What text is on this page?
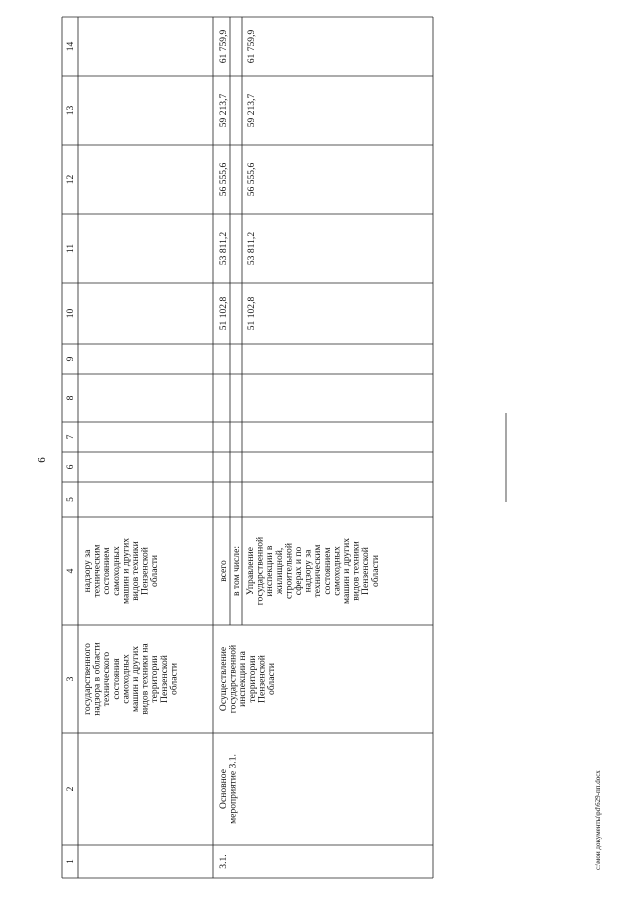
6
c:\мои документы\pd\629-пп.docx
1
2
3
4
5
6
7
8
9
10
11
12
13
14
государственного
надзора в области
технического
состояния
самоходных
машин и других
видов техники на
территории
Пензенской
области
надзору за
техническим
состоянием
самоходных
машин и других
видов техники
Пензенской
области
3.1.
Основное
мероприятие 3.1.
Осуществление
государственной
инспекции на
территории
Пензенской
области
всего
51 102,8
53 811,2
56 555,6
59 213,7
61 759,9
в том числе: Управление
государственной
инспекции в
жилищной,
строительной
сферах и по
надзору за
техническим
состоянием
самоходных
машин и других
видов техники
Пензенской
области
51 102,8
53 811,2
56 555,6
59 213,7
61 759,9
